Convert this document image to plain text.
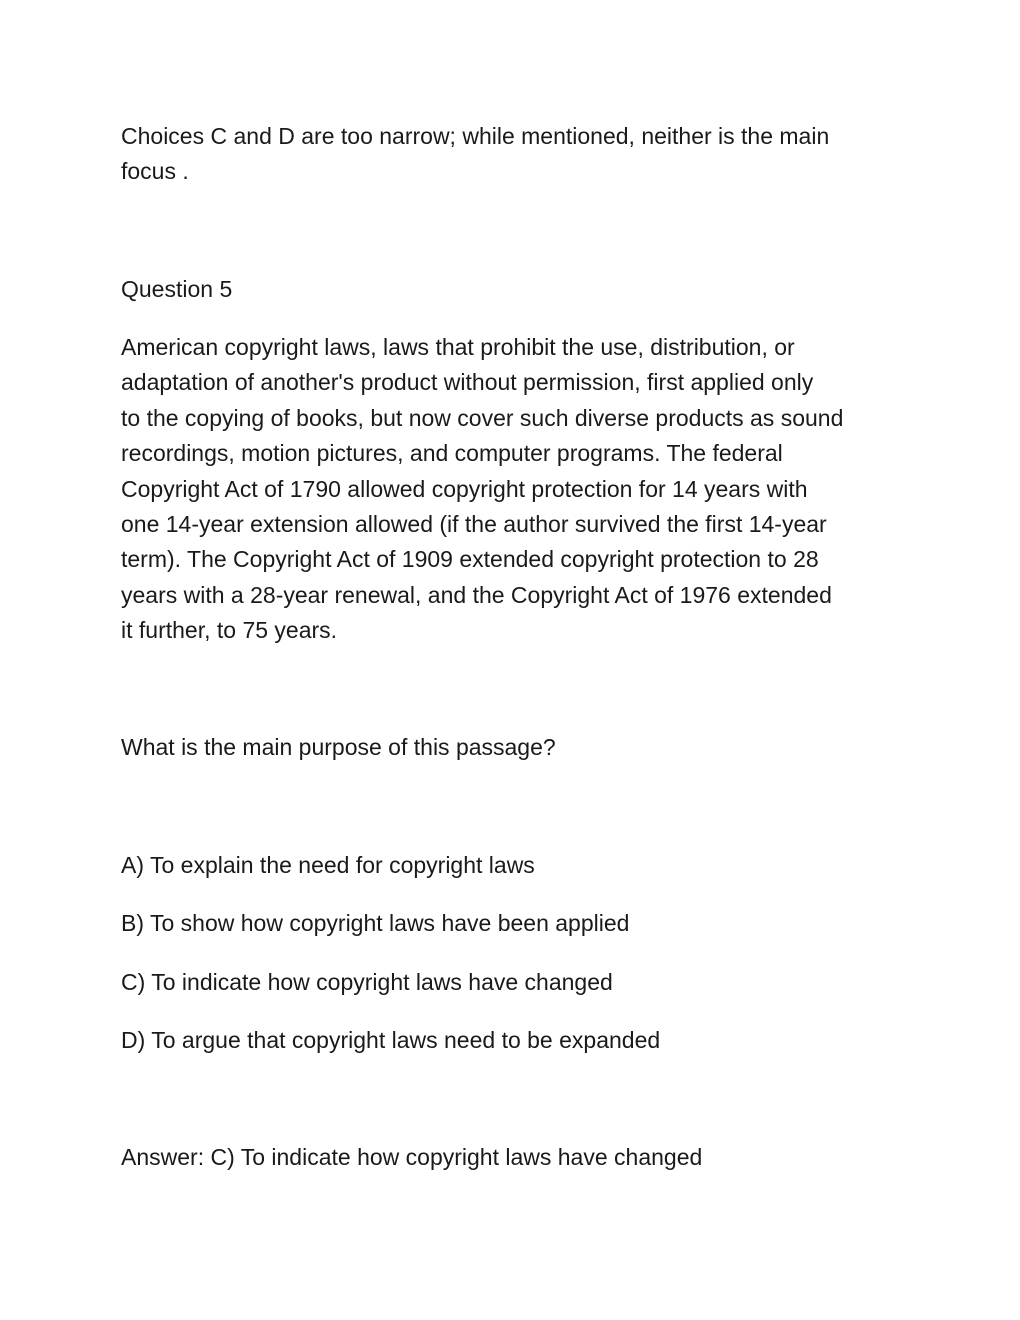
Choices C and D are too narrow; while mentioned, neither is the main
focus .

Question 5

American copyright laws, laws that prohibit the use, distribution, or
adaptation of another's product without permission, first applied only
to the copying of books, but now cover such diverse products as sound
recordings, motion pictures, and computer programs. The federal
Copyright Act of 1790 allowed copyright protection for 14 years with
one 14-year extension allowed (if the author survived the first 14-year
term). The Copyright Act of 1909 extended copyright protection to 28
years with a 28-year renewal, and the Copyright Act of 1976 extended
it further, to 75 years.

What is the main purpose of this passage?

A) To explain the need for copyright laws

B) To show how copyright laws have been applied

C) To indicate how copyright laws have changed

D) To argue that copyright laws need to be expanded

Answer: C) To indicate how copyright laws have changed
